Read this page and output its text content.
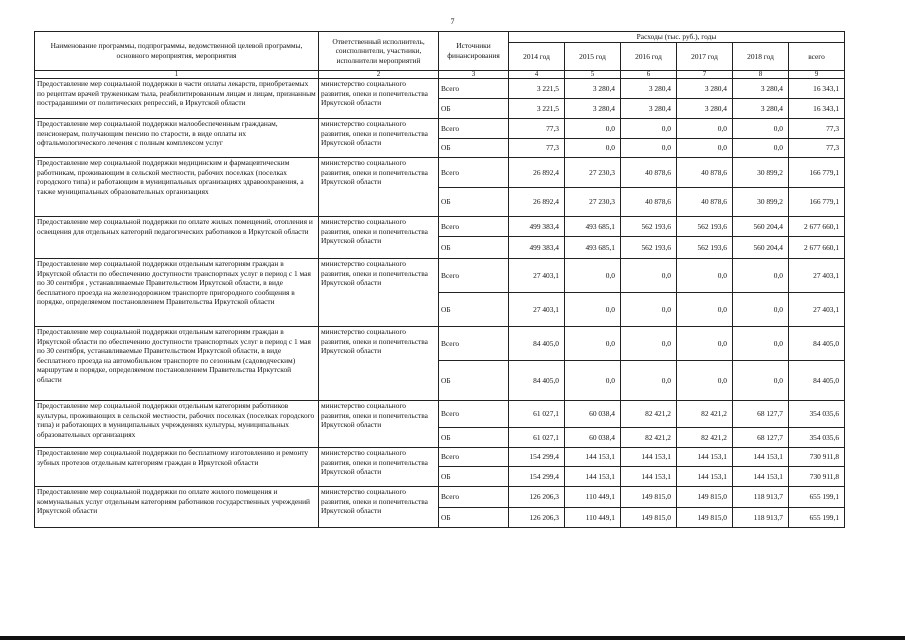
7
Наименование программы, подпрограммы, ведомственной целевой программы, основного мероприятия, мероприятия	Ответственный исполнитель, соисполнители, участники, исполнители мероприятий	Источники финансирования	Расходы (тыс. руб.), годы					
			2014 год	2015 год	2016 год	2017 год	2018 год	всего
1	2	3	4	5	6	7	8	9
Предоставление мер социальной поддержки в части оплаты лекарств, приобретаемых по рецептам врачей труженикам тыла, реабилитированным лицам и лицам, признанным пострадавшими от политических репрессий, в Иркутской области	министерство социального развития, опеки и попечительства Иркутской области	Всего	3 221,5	3 280,4	3 280,4	3 280,4	3 280,4	16 343,1
		ОБ	3 221,5	3 280,4	3 280,4	3 280,4	3 280,4	16 343,1
Предоставление мер социальной поддержки малообеспеченным гражданам, пенсионерам, получающим пенсию по старости, в виде оплаты их офтальмологического лечения с полным комплексом услуг	министерство социального развития, опеки и попечительства Иркутской области	Всего	77,3	0,0	0,0	0,0	0,0	77,3
		ОБ	77,3	0,0	0,0	0,0	0,0	77,3
Предоставление мер социальной поддержки медицинским и фармацевтическим работникам, проживающим в сельской местности, рабочих поселках (поселках городского типа) и работающим в муниципальных организациях здравоохранения, а также муниципальных образовательных организациях	министерство социального развития, опеки и попечительства Иркутской области	Всего	26 892,4	27 230,3	40 878,6	40 878,6	30 899,2	166 779,1
		ОБ	26 892,4	27 230,3	40 878,6	40 878,6	30 899,2	166 779,1
Предоставление мер социальной поддержки по оплате жилых помещений, отопления и освещения для отдельных категорий педагогических работников в Иркутской области	министерство социального развития, опеки и попечительства Иркутской области	Всего	499 383,4	493 685,1	562 193,6	562 193,6	560 204,4	2 677 660,1
		ОБ	499 383,4	493 685,1	562 193,6	562 193,6	560 204,4	2 677 660,1
Предоставление мер социальной поддержки отдельным категориям граждан в Иркутской области по обеспечению доступности транспортных услуг в период с 1 мая по 30 сентября , устанавливаемые Правительством Иркутской области, в виде бесплатного проезда на железнодорожном транспорте пригородного сообщения в порядке, определяемом постановлением Правительства Иркутской области	министерство социального развития, опеки и попечительства Иркутской области	Всего	27 403,1	0,0	0,0	0,0	0,0	27 403,1
		ОБ	27 403,1	0,0	0,0	0,0	0,0	27 403,1
Предоставление мер социальной поддержки отдельным категориям граждан в Иркутской области по обеспечению доступности транспортных услуг в период с 1 мая по 30 сентября, устанавливаемые Правительством Иркутской области, в виде бесплатного проезда на автомобильном транспорте по сезонным (садоводческим) маршрутам в порядке, определяемом постановлением Правительства Иркутской области	министерство социального развития, опеки и попечительства Иркутской области	Всего	84 405,0	0,0	0,0	0,0	0,0	84 405,0
		ОБ	84 405,0	0,0	0,0	0,0	0,0	84 405,0
Предоставление мер социальной поддержки отдельным категориям работников культуры, проживающих в сельской местности, рабочих поселках (поселках городского типа) и работающих в муниципальных учреждениях культуры, муниципальных образовательных организациях	министерство социального развития, опеки и попечительства Иркутской области	Всего	61 027,1	60 038,4	82 421,2	82 421,2	68 127,7	354 035,6
		ОБ	61 027,1	60 038,4	82 421,2	82 421,2	68 127,7	354 035,6
Предоставление мер социальной поддержки по бесплатному изготовлению и ремонту зубных протезов отдельным категориям граждан в Иркутской области	министерство социального развития, опеки и попечительства Иркутской области	Всего	154 299,4	144 153,1	144 153,1	144 153,1	144 153,1	730 911,8
		ОБ	154 299,4	144 153,1	144 153,1	144 153,1	144 153,1	730 911,8
Предоставление мер социальной поддержки по оплате жилого помещения и коммунальных услуг отдельным категориям работников государственных учреждений Иркутской области	министерство социального развития, опеки и попечительства Иркутской области	Всего	126 206,3	110 449,1	149 815,0	149 815,0	118 913,7	655 199,1
		ОБ	126 206,3	110 449,1	149 815,0	149 815,0	118 913,7	655 199,1
